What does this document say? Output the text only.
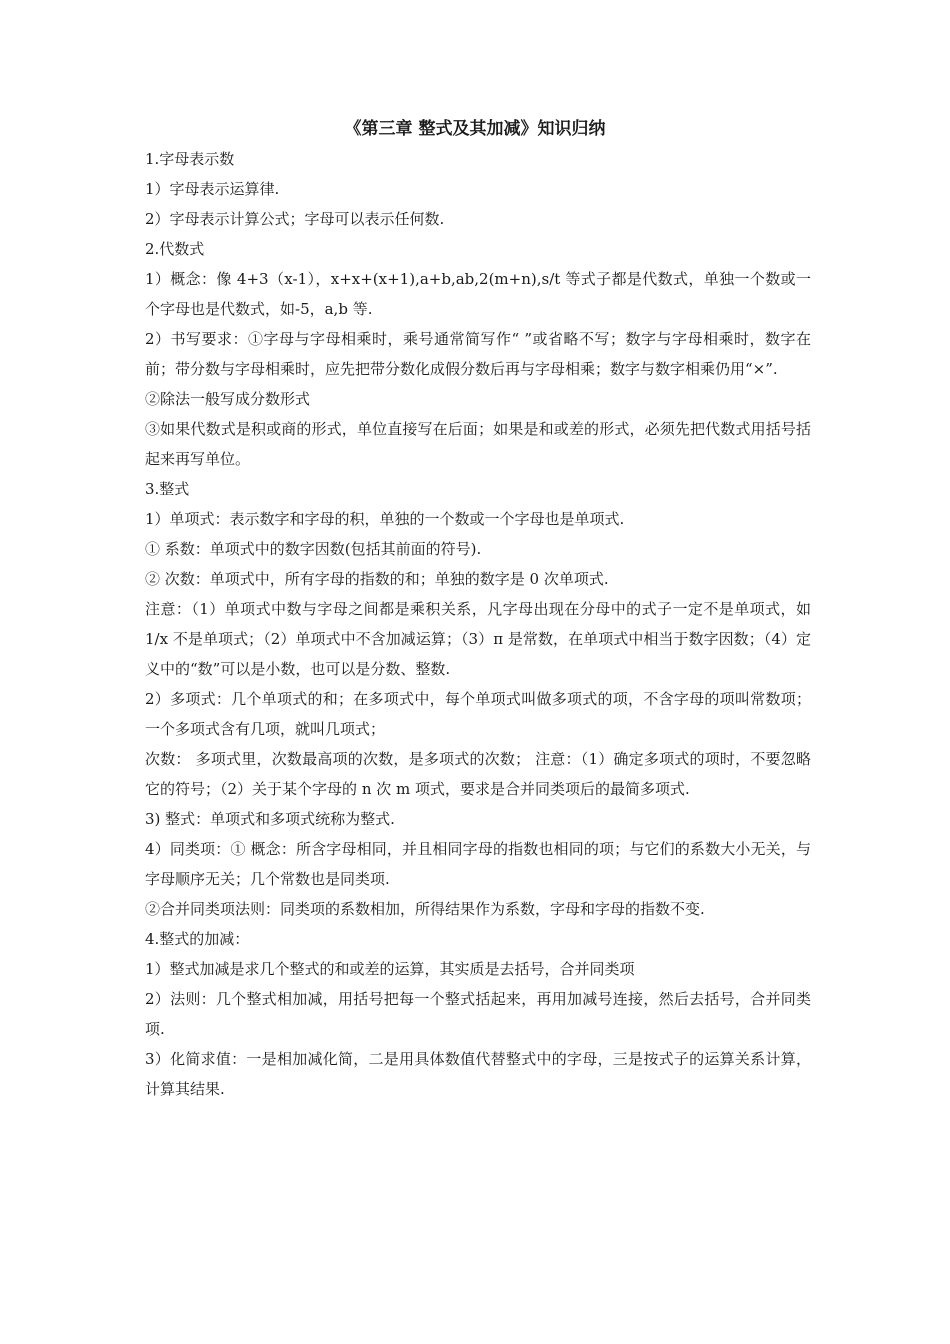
《第三章 整式及其加减》知识归纳

1.字母表示数

1）字母表示运算律.

2）字母表示计算公式；字母可以表示任何数.

2.代数式

1）概念：像 4+3（x-1），x+x+(x+1),a+b,ab,2(m+n),s/t 等式子都是代数式，单独一个数或一个字母也是代数式，如-5，a,b 等.

2）书写要求：①字母与字母相乘时，乘号通常简写作“ ”或省略不写；数字与字母相乘时，数字在前；带分数与字母相乘时，应先把带分数化成假分数后再与字母相乘；数字与数字相乘仍用“×”.

②除法一般写成分数形式

③如果代数式是积或商的形式，单位直接写在后面；如果是和或差的形式，必须先把代数式用括号括起来再写单位。

3.整式

1）单项式：表示数字和字母的积，单独的一个数或一个字母也是单项式.

① 系数：单项式中的数字因数(包括其前面的符号).

② 次数：单项式中，所有字母的指数的和；单独的数字是 0 次单项式.

注意：（1）单项式中数与字母之间都是乘积关系，凡字母出现在分母中的式子一定不是单项式，如 1/x 不是单项式；（2）单项式中不含加减运算；（3）π 是常数，在单项式中相当于数字因数；（4）定义中的“数”可以是小数，也可以是分数、整数.

2）多项式：几个单项式的和；在多项式中，每个单项式叫做多项式的项，不含字母的项叫常数项；一个多项式含有几项，就叫几项式；

次数： 多项式里，次数最高项的次数，是多项式的次数； 注意：（1）确定多项式的项时，不要忽略它的符号；（2）关于某个字母的 n 次 m 项式，要求是合并同类项后的最简多项式.

3) 整式：单项式和多项式统称为整式.

4）同类项：① 概念：所含字母相同，并且相同字母的指数也相同的项；与它们的系数大小无关，与字母顺序无关；几个常数也是同类项.

②合并同类项法则：同类项的系数相加，所得结果作为系数，字母和字母的指数不变.

4.整式的加减：

1）整式加减是求几个整式的和或差的运算，其实质是去括号，合并同类项

2）法则：几个整式相加减，用括号把每一个整式括起来，再用加减号连接，然后去括号，合并同类项.

3）化简求值：一是相加减化简，二是用具体数值代替整式中的字母，三是按式子的运算关系计算，计算其结果.
